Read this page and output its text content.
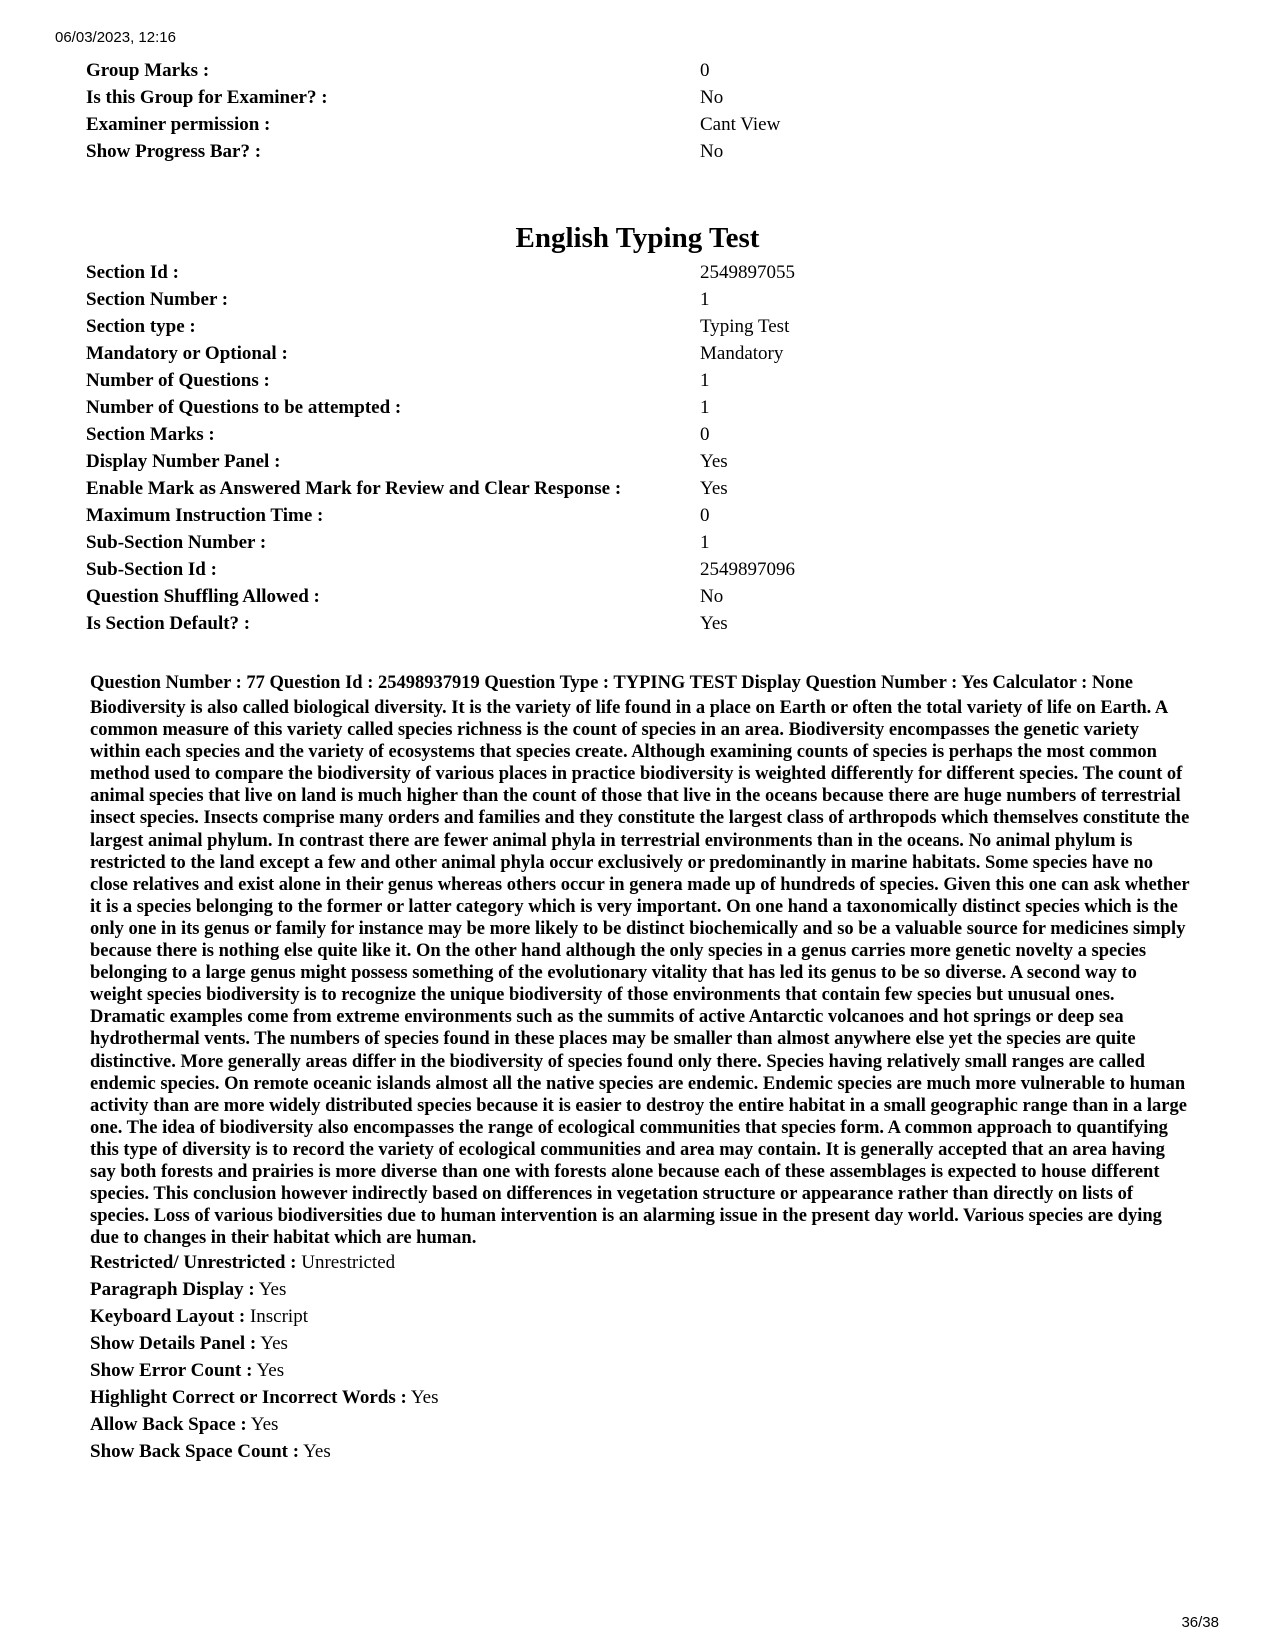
06/03/2023, 12:16
Group Marks :	0
Is this Group for Examiner? :	No
Examiner permission :	Cant View
Show Progress Bar? :	No
English Typing Test
Section Id :	2549897055
Section Number :	1
Section type :	Typing Test
Mandatory or Optional :	Mandatory
Number of Questions :	1
Number of Questions to be attempted :	1
Section Marks :	0
Display Number Panel :	Yes
Enable Mark as Answered Mark for Review and Clear Response :	Yes
Maximum Instruction Time :	0
Sub-Section Number :	1
Sub-Section Id :	2549897096
Question Shuffling Allowed :	No
Is Section Default? :	Yes

Question Number : 77 Question Id : 25498937919 Question Type : TYPING TEST Display Question Number : Yes Calculator : None

Biodiversity is also called biological diversity. It is the variety of life found in a place on Earth or often the total variety of life on Earth. A common measure of this variety called species richness is the count of species in an area. Biodiversity encompasses the genetic variety within each species and the variety of ecosystems that species create. Although examining counts of species is perhaps the most common method used to compare the biodiversity of various places in practice biodiversity is weighted differently for different species. The count of animal species that live on land is much higher than the count of those that live in the oceans because there are huge numbers of terrestrial insect species. Insects comprise many orders and families and they constitute the largest class of arthropods which themselves constitute the largest animal phylum. In contrast there are fewer animal phyla in terrestrial environments than in the oceans. No animal phylum is restricted to the land except a few and other animal phyla occur exclusively or predominantly in marine habitats. Some species have no close relatives and exist alone in their genus whereas others occur in genera made up of hundreds of species. Given this one can ask whether it is a species belonging to the former or latter category which is very important. On one hand a taxonomically distinct species which is the only one in its genus or family for instance may be more likely to be distinct biochemically and so be a valuable source for medicines simply because there is nothing else quite like it. On the other hand although the only species in a genus carries more genetic novelty a species belonging to a large genus might possess something of the evolutionary vitality that has led its genus to be so diverse. A second way to weight species biodiversity is to recognize the unique biodiversity of those environments that contain few species but unusual ones. Dramatic examples come from extreme environments such as the summits of active Antarctic volcanoes and hot springs or deep sea hydrothermal vents. The numbers of species found in these places may be smaller than almost anywhere else yet the species are quite distinctive. More generally areas differ in the biodiversity of species found only there. Species having relatively small ranges are called endemic species. On remote oceanic islands almost all the native species are endemic. Endemic species are much more vulnerable to human activity than are more widely distributed species because it is easier to destroy the entire habitat in a small geographic range than in a large one. The idea of biodiversity also encompasses the range of ecological communities that species form. A common approach to quantifying this type of diversity is to record the variety of ecological communities and area may contain. It is generally accepted that an area having say both forests and prairies is more diverse than one with forests alone because each of these assemblages is expected to house different species. This conclusion however indirectly based on differences in vegetation structure or appearance rather than directly on lists of species. Loss of various biodiversities due to human intervention is an alarming issue in the present day world. Various species are dying due to changes in their habitat which are human.

Restricted/ Unrestricted : Unrestricted
Paragraph Display : Yes
Keyboard Layout : Inscript
Show Details Panel : Yes
Show Error Count : Yes
Highlight Correct or Incorrect Words : Yes
Allow Back Space : Yes
Show Back Space Count : Yes
36/38
